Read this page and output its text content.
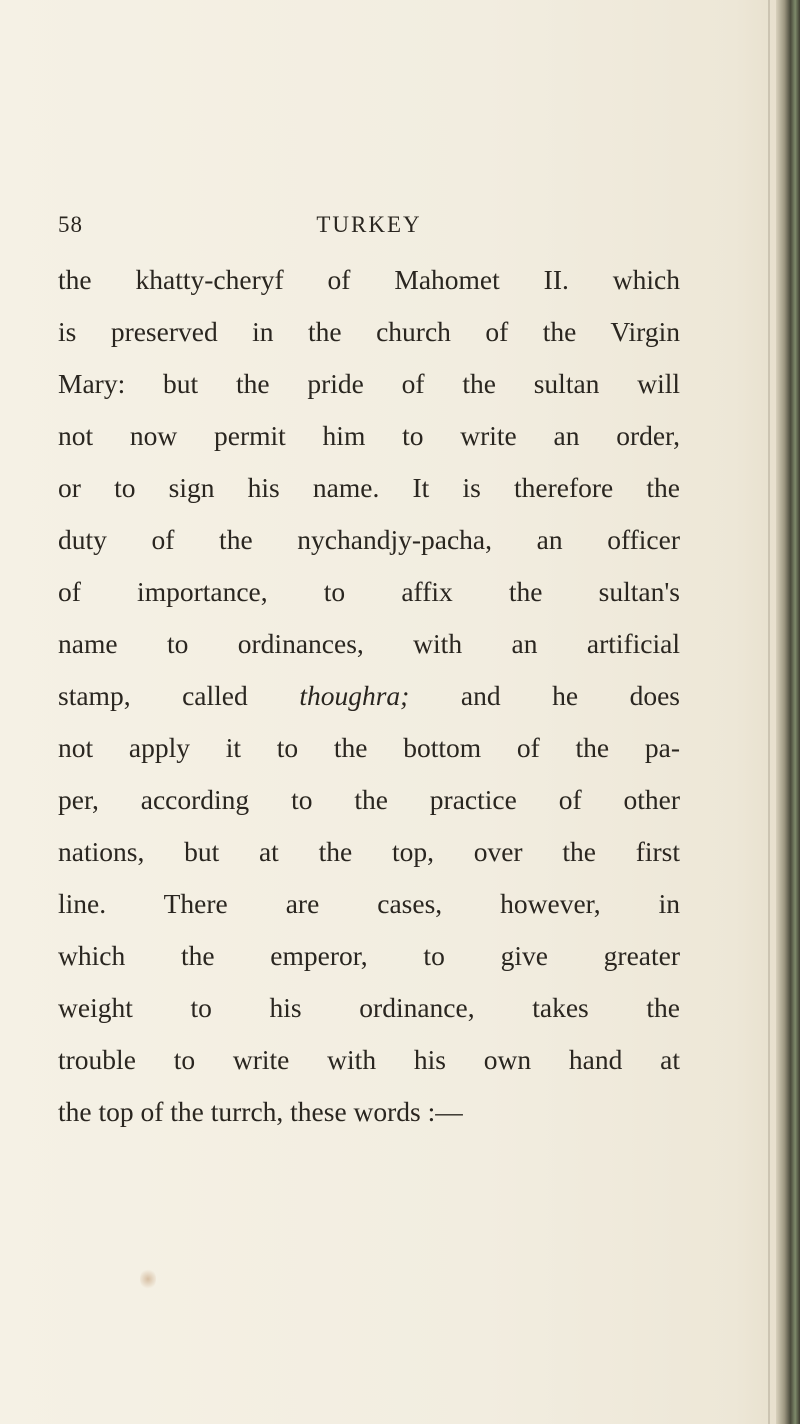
58	TURKEY
the khatty-cheryf of Mahomet II. which
is preserved in the church of the Virgin
Mary: but the pride of the sultan will
not now permit him to write an order,
or to sign his name. It is therefore the
duty of the nychandjy-pacha, an officer
of importance, to affix the sultan's
name to ordinances, with an artificial
stamp, called thoughra; and he does
not apply it to the bottom of the pa-
per, according to the practice of other
nations, but at the top, over the first
line. There are cases, however, in
which the emperor, to give greater
weight to his ordinance, takes the
trouble to write with his own hand at
the top of the turrch, these words :—
